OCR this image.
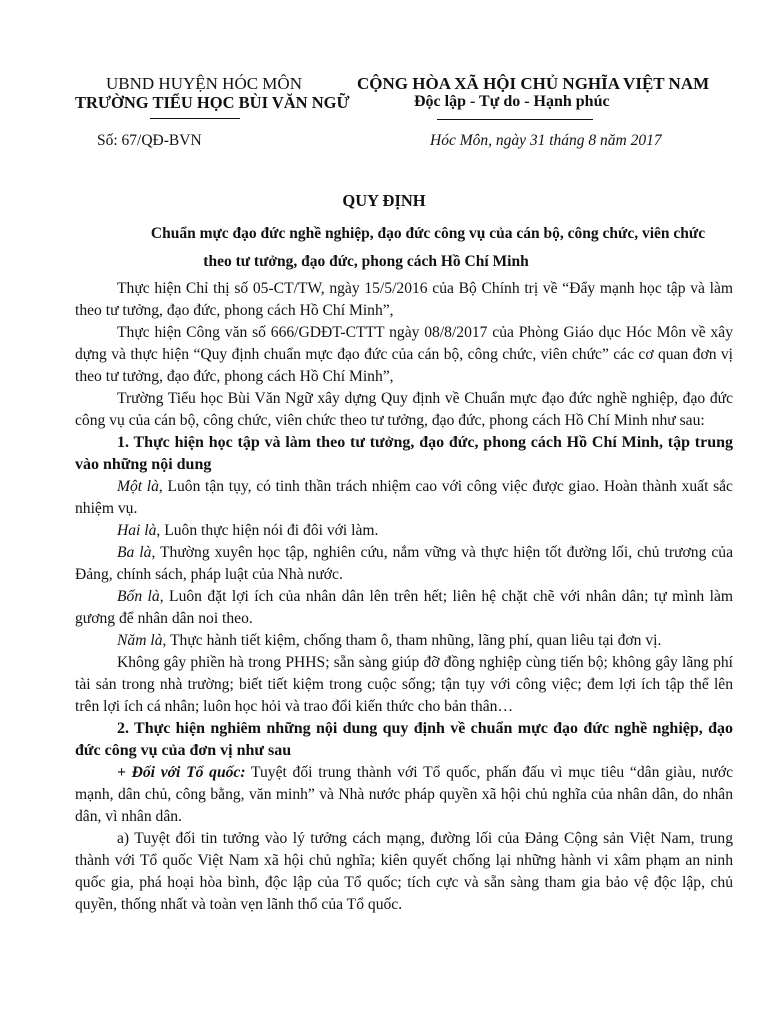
UBND HUYỆN HÓC MÔN
TRƯỜNG TIỂU HỌC BÙI VĂN NGỮ
CỘNG HÒA XÃ HỘI CHỦ NGHĨA VIỆT NAM
Độc lập - Tự do - Hạnh phúc
Số: 67/QĐ-BVN	Hóc Môn, ngày 31 tháng 8 năm 2017
QUY ĐỊNH
Chuẩn mực đạo đức nghề nghiệp, đạo đức công vụ của cán bộ, công chức, viên chức
theo tư tưởng, đạo đức, phong cách Hồ Chí Minh

Thực hiện Chỉ thị số 05-CT/TW, ngày 15/5/2016 của Bộ Chính trị về “Đẩy mạnh học tập và làm theo tư tưởng, đạo đức, phong cách Hồ Chí Minh”,

Thực hiện Công văn số 666/GDĐT-CTTT ngày 08/8/2017 của Phòng Giáo dục Hóc Môn về xây dựng và thực hiện “Quy định chuẩn mực đạo đức của cán bộ, công chức, viên chức” các cơ quan đơn vị theo tư tưởng, đạo đức, phong cách Hồ Chí Minh”,

Trường Tiểu học Bùi Văn Ngữ xây dựng Quy định về Chuẩn mực đạo đức nghề nghiệp, đạo đức công vụ của cán bộ, công chức, viên chức theo tư tưởng, đạo đức, phong cách Hồ Chí Minh như sau:

1. Thực hiện học tập và làm theo tư tưởng, đạo đức, phong cách Hồ Chí Minh, tập trung vào những nội dung

Một là, Luôn tận tụy, có tinh thần trách nhiệm cao với công việc được giao. Hoàn thành xuất sắc nhiệm vụ.

Hai là, Luôn thực hiện nói đi đôi với làm.

Ba là, Thường xuyên học tập, nghiên cứu, nắm vững và thực hiện tốt đường lối, chủ trương của Đảng, chính sách, pháp luật của Nhà nước.

Bốn là, Luôn đặt lợi ích của nhân dân lên trên hết; liên hệ chặt chẽ với nhân dân; tự mình làm gương để nhân dân noi theo.

Năm là, Thực hành tiết kiệm, chống tham ô, tham nhũng, lãng phí, quan liêu tại đơn vị.

Không gây phiền hà trong PHHS; sẵn sàng giúp đỡ đồng nghiệp cùng tiến bộ; không gây lãng phí tài sản trong nhà trường; biết tiết kiệm trong cuộc sống; tận tụy với công việc; đem lợi ích tập thể lên trên lợi ích cá nhân; luôn học hỏi và trao đổi kiến thức cho bản thân…

2. Thực hiện nghiêm những nội dung quy định về chuẩn mực đạo đức nghề nghiệp, đạo đức công vụ của đơn vị như sau

+ Đối với Tổ quốc: Tuyệt đối trung thành với Tổ quốc, phấn đấu vì mục tiêu “dân giàu, nước mạnh, dân chủ, công bằng, văn minh” và Nhà nước pháp quyền xã hội chủ nghĩa của nhân dân, do nhân dân, vì nhân dân.

a) Tuyệt đối tin tưởng vào lý tưởng cách mạng, đường lối của Đảng Cộng sản Việt Nam, trung thành với Tổ quốc Việt Nam xã hội chủ nghĩa; kiên quyết chống lại những hành vi xâm phạm an ninh quốc gia, phá hoại hòa bình, độc lập của Tổ quốc; tích cực và sẵn sàng tham gia bảo vệ độc lập, chủ quyền, thống nhất và toàn vẹn lãnh thổ của Tổ quốc.
